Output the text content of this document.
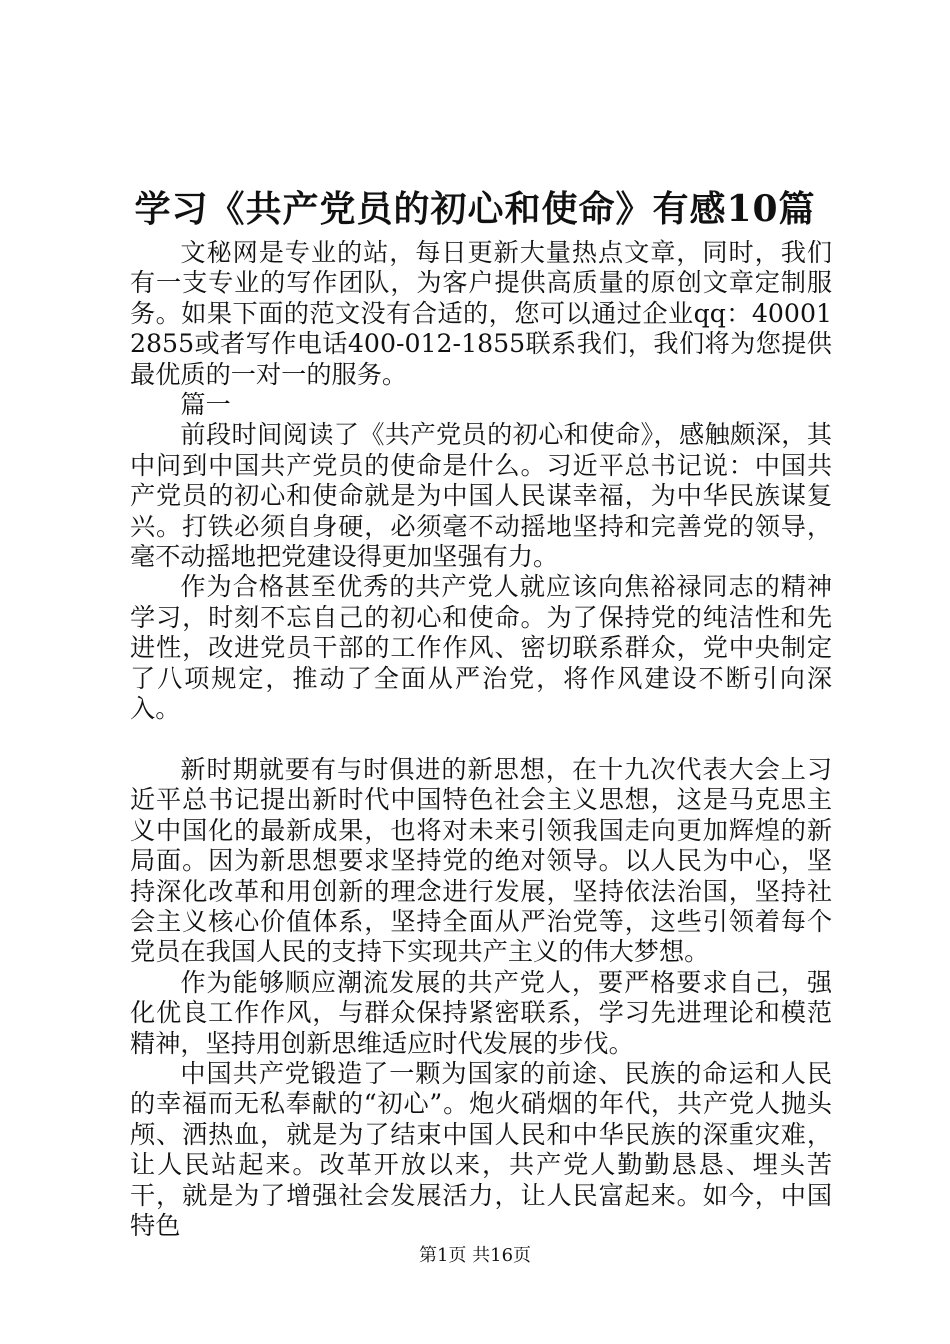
学习《共产党员的初心和使命》有感10篇

文秘网是专业的站，每日更新大量热点文章，同时，我们有一支专业的写作团队，为客户提供高质量的原创文章定制服务。如果下面的范文没有合适的，您可以通过企业qq：400012855或者写作电话400-012-1855联系我们，我们将为您提供最优质的一对一的服务。

篇一

前段时间阅读了《共产党员的初心和使命》，感触颇深，其中问到中国共产党员的使命是什么。习近平总书记说：中国共产党员的初心和使命就是为中国人民谋幸福，为中华民族谋复兴。打铁必须自身硬，必须毫不动摇地坚持和完善党的领导，毫不动摇地把党建设得更加坚强有力。

作为合格甚至优秀的共产党人就应该向焦裕禄同志的精神学习，时刻不忘自己的初心和使命。为了保持党的纯洁性和先进性，改进党员干部的工作作风、密切联系群众，党中央制定了八项规定，推动了全面从严治党，将作风建设不断引向深入。

新时期就要有与时俱进的新思想，在十九次代表大会上习近平总书记提出新时代中国特色社会主义思想，这是马克思主义中国化的最新成果，也将对未来引领我国走向更加辉煌的新局面。因为新思想要求坚持党的绝对领导。以人民为中心，坚持深化改革和用创新的理念进行发展，坚持依法治国，坚持社会主义核心价值体系，坚持全面从严治党等，这些引领着每个党员在我国人民的支持下实现共产主义的伟大梦想。

作为能够顺应潮流发展的共产党人，要严格要求自己，强化优良工作作风，与群众保持紧密联系，学习先进理论和模范精神，坚持用创新思维适应时代发展的步伐。

中国共产党锻造了一颗为国家的前途、民族的命运和人民的幸福而无私奉献的“初心”。炮火硝烟的年代，共产党人抛头颅、洒热血，就是为了结束中国人民和中华民族的深重灾难，让人民站起来。改革开放以来，共产党人勤勤恳恳、埋头苦干，就是为了增强社会发展活力，让人民富起来。如今，中国特色

第1页 共16页
